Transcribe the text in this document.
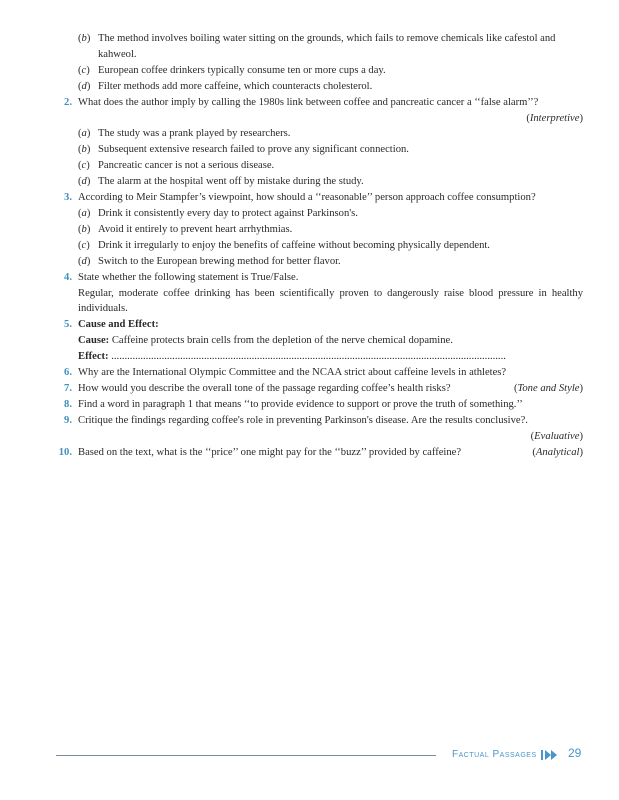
(b) The method involves boiling water sitting on the grounds, which fails to remove chemicals like cafestol and kahweol.
(c) European coffee drinkers typically consume ten or more cups a day.
(d) Filter methods add more caffeine, which counteracts cholesterol.
2. What does the author imply by calling the 1980s link between coffee and pancreatic cancer a ‘‘false alarm’’?
(Interpretive)
(a) The study was a prank played by researchers.
(b) Subsequent extensive research failed to prove any significant connection.
(c) Pancreatic cancer is not a serious disease.
(d) The alarm at the hospital went off by mistake during the study.
3. According to Meir Stampfer’s viewpoint, how should a ‘‘reasonable’’ person approach coffee consumption?
(a) Drink it consistently every day to protect against Parkinson's.
(b) Avoid it entirely to prevent heart arrhythmias.
(c) Drink it irregularly to enjoy the benefits of caffeine without becoming physically dependent.
(d) Switch to the European brewing method for better flavor.
4. State whether the following statement is True/False.
Regular, moderate coffee drinking has been scientifically proven to dangerously raise blood pressure in healthy individuals.
5. Cause and Effect:
Cause: Caffeine protects brain cells from the depletion of the nerve chemical dopamine.
Effect: .....................................................................................................................................................
6. Why are the International Olympic Committee and the NCAA strict about caffeine levels in athletes?
7.	(Tone and Style)
How would you describe the overall tone of the passage regarding coffee’s health risks?
8. Find a word in paragraph 1 that means ‘‘to provide evidence to support or prove the truth of something.’’
9. Critique the findings regarding coffee's role in preventing Parkinson's disease. Are the results conclusive?.
(Evaluative)
10.	(Analytical)
Based on the text, what is the ‘‘price’’ one might pay for the ‘‘buzz’’ provided by caffeine?
Factual Passages	29
